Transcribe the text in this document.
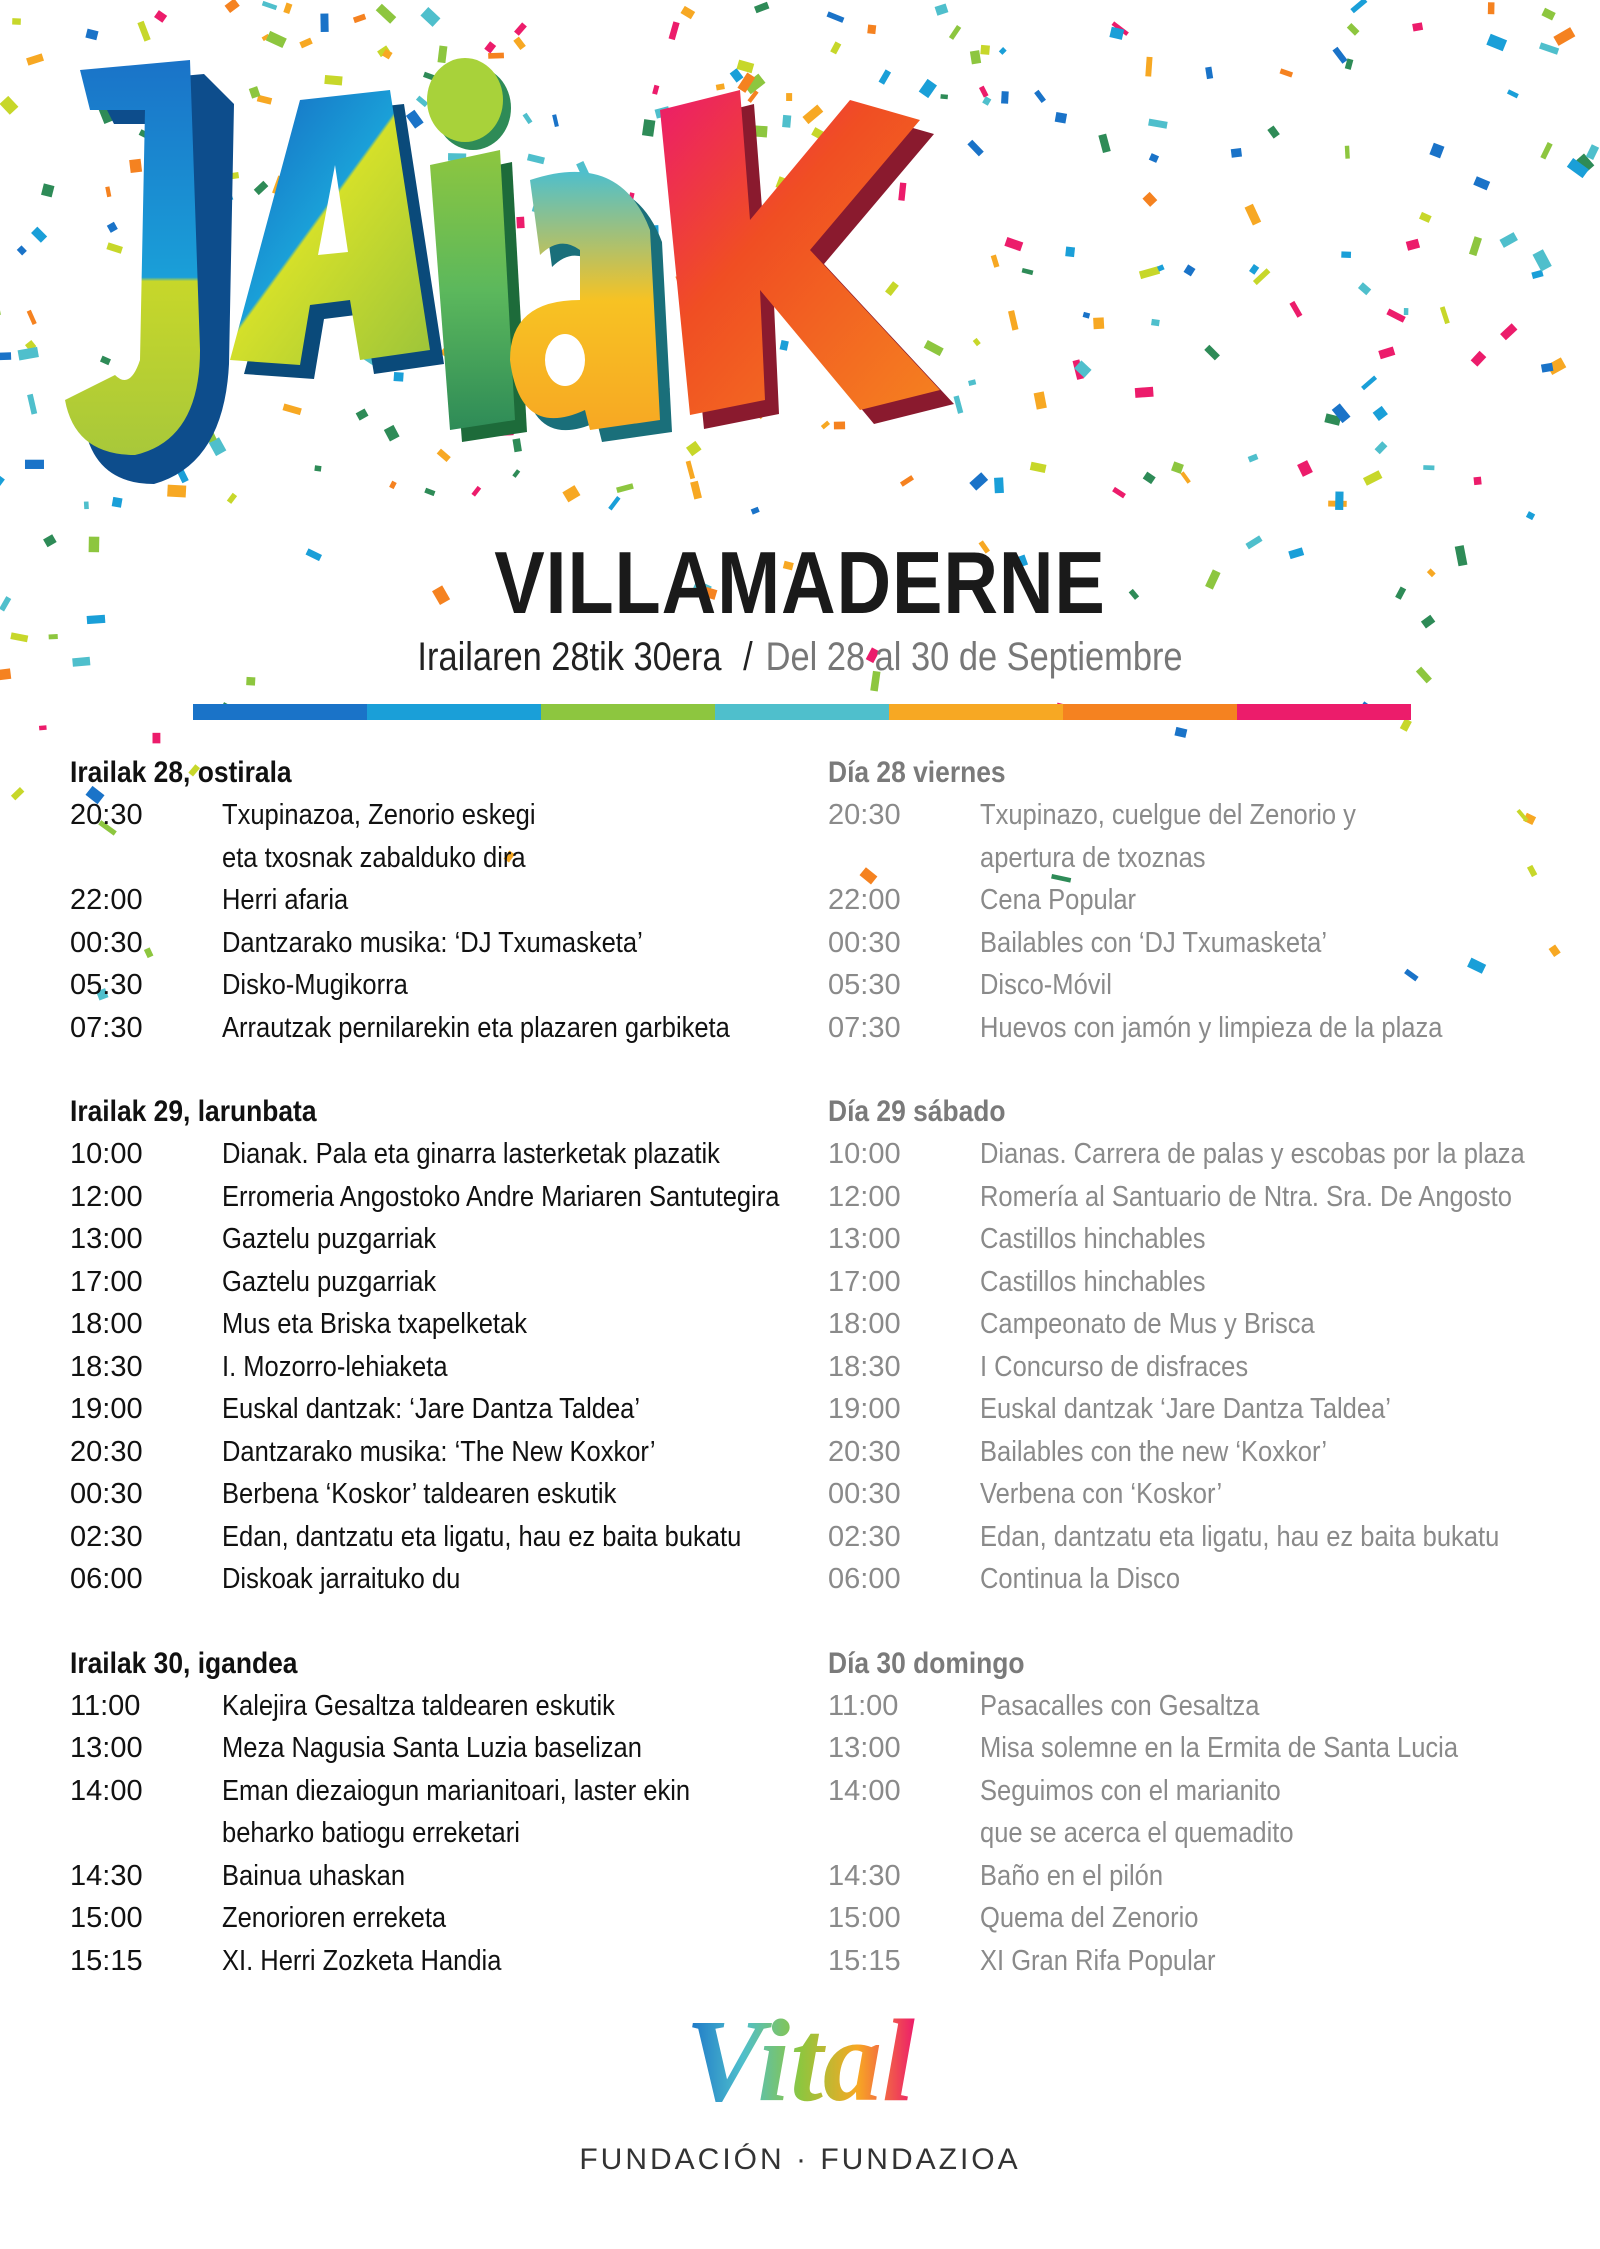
VILLAMADERNE
Irailaren 28tik 30era / Del 28 al 30 de Septiembre
Irailak 28, ostirala
20:30	Txupinazoa, Zenorio eskegi
eta txosnak zabalduko dira
22:00	Herri afaria
00:30	Dantzarako musika: ‘DJ Txumasketa’
05:30	Disko-Mugikorra
07:30	Arrautzak pernilarekin eta plazaren garbiketa
Irailak 29, larunbata
10:00	Dianak. Pala eta ginarra lasterketak plazatik
12:00	Erromeria Angostoko Andre Mariaren Santutegira
13:00	Gaztelu puzgarriak
17:00	Gaztelu puzgarriak
18:00	Mus eta Briska txapelketak
18:30	I. Mozorro-lehiaketa
19:00	Euskal dantzak: ‘Jare Dantza Taldea’
20:30	Dantzarako musika: ‘The New Koxkor’
00:30	Berbena ‘Koskor’ taldearen eskutik
02:30	Edan, dantzatu eta ligatu, hau ez baita bukatu
06:00	Diskoak jarraituko du
Irailak 30, igandea
11:00	Kalejira Gesaltza taldearen eskutik
13:00	Meza Nagusia Santa Luzia baselizan
14:00	Eman diezaiogun marianitoari, laster ekin
beharko batiogu erreketari
14:30	Bainua uhaskan
15:00	Zenorioren erreketa
15:15	XI. Herri Zozketa Handia
Día 28 viernes
20:30	Txupinazo, cuelgue del Zenorio y
apertura de txoznas
22:00	Cena Popular
00:30	Bailables con ‘DJ Txumasketa’
05:30	Disco-Móvil
07:30	Huevos con jamón y limpieza de la plaza
Día 29 sábado
10:00	Dianas. Carrera de palas y escobas por la plaza
12:00	Romería al Santuario de Ntra. Sra. De Angosto
13:00	Castillos hinchables
17:00	Castillos hinchables
18:00	Campeonato de Mus y Brisca
18:30	I Concurso de disfraces
19:00	Euskal dantzak ‘Jare Dantza Taldea’
20:30	Bailables con the new ‘Koxkor’
00:30	Verbena con ‘Koskor’
02:30	Edan, dantzatu eta ligatu, hau ez baita bukatu
06:00	Continua la Disco
Día 30 domingo
11:00	Pasacalles con Gesaltza
13:00	Misa solemne en la Ermita de Santa Lucia
14:00	Seguimos con el marianito
que se acerca el quemadito
14:30	Baño en el pilón
15:00	Quema del Zenorio
15:15	XI Gran Rifa Popular
Vital
FUNDACIÓN · FUNDAZIOA
